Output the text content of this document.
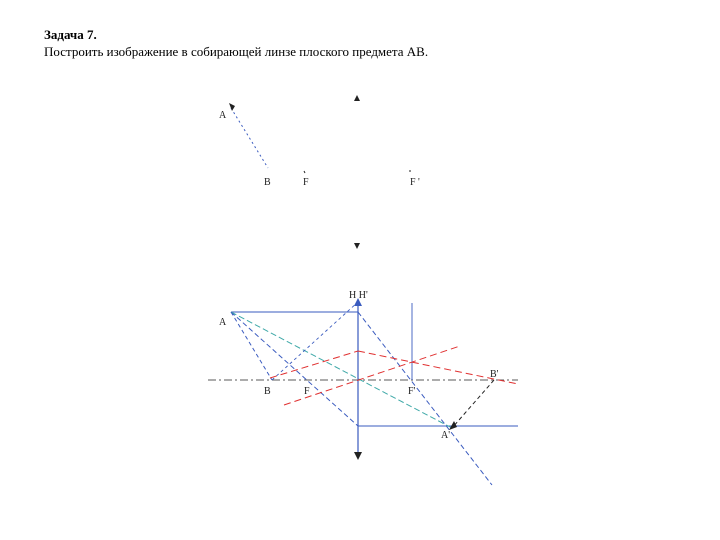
Задача 7.
Построить изображение в собирающей линзе плоского предмета АВ.
A
B	F	F '
H H'
A
B	F	F'
B'
A'
